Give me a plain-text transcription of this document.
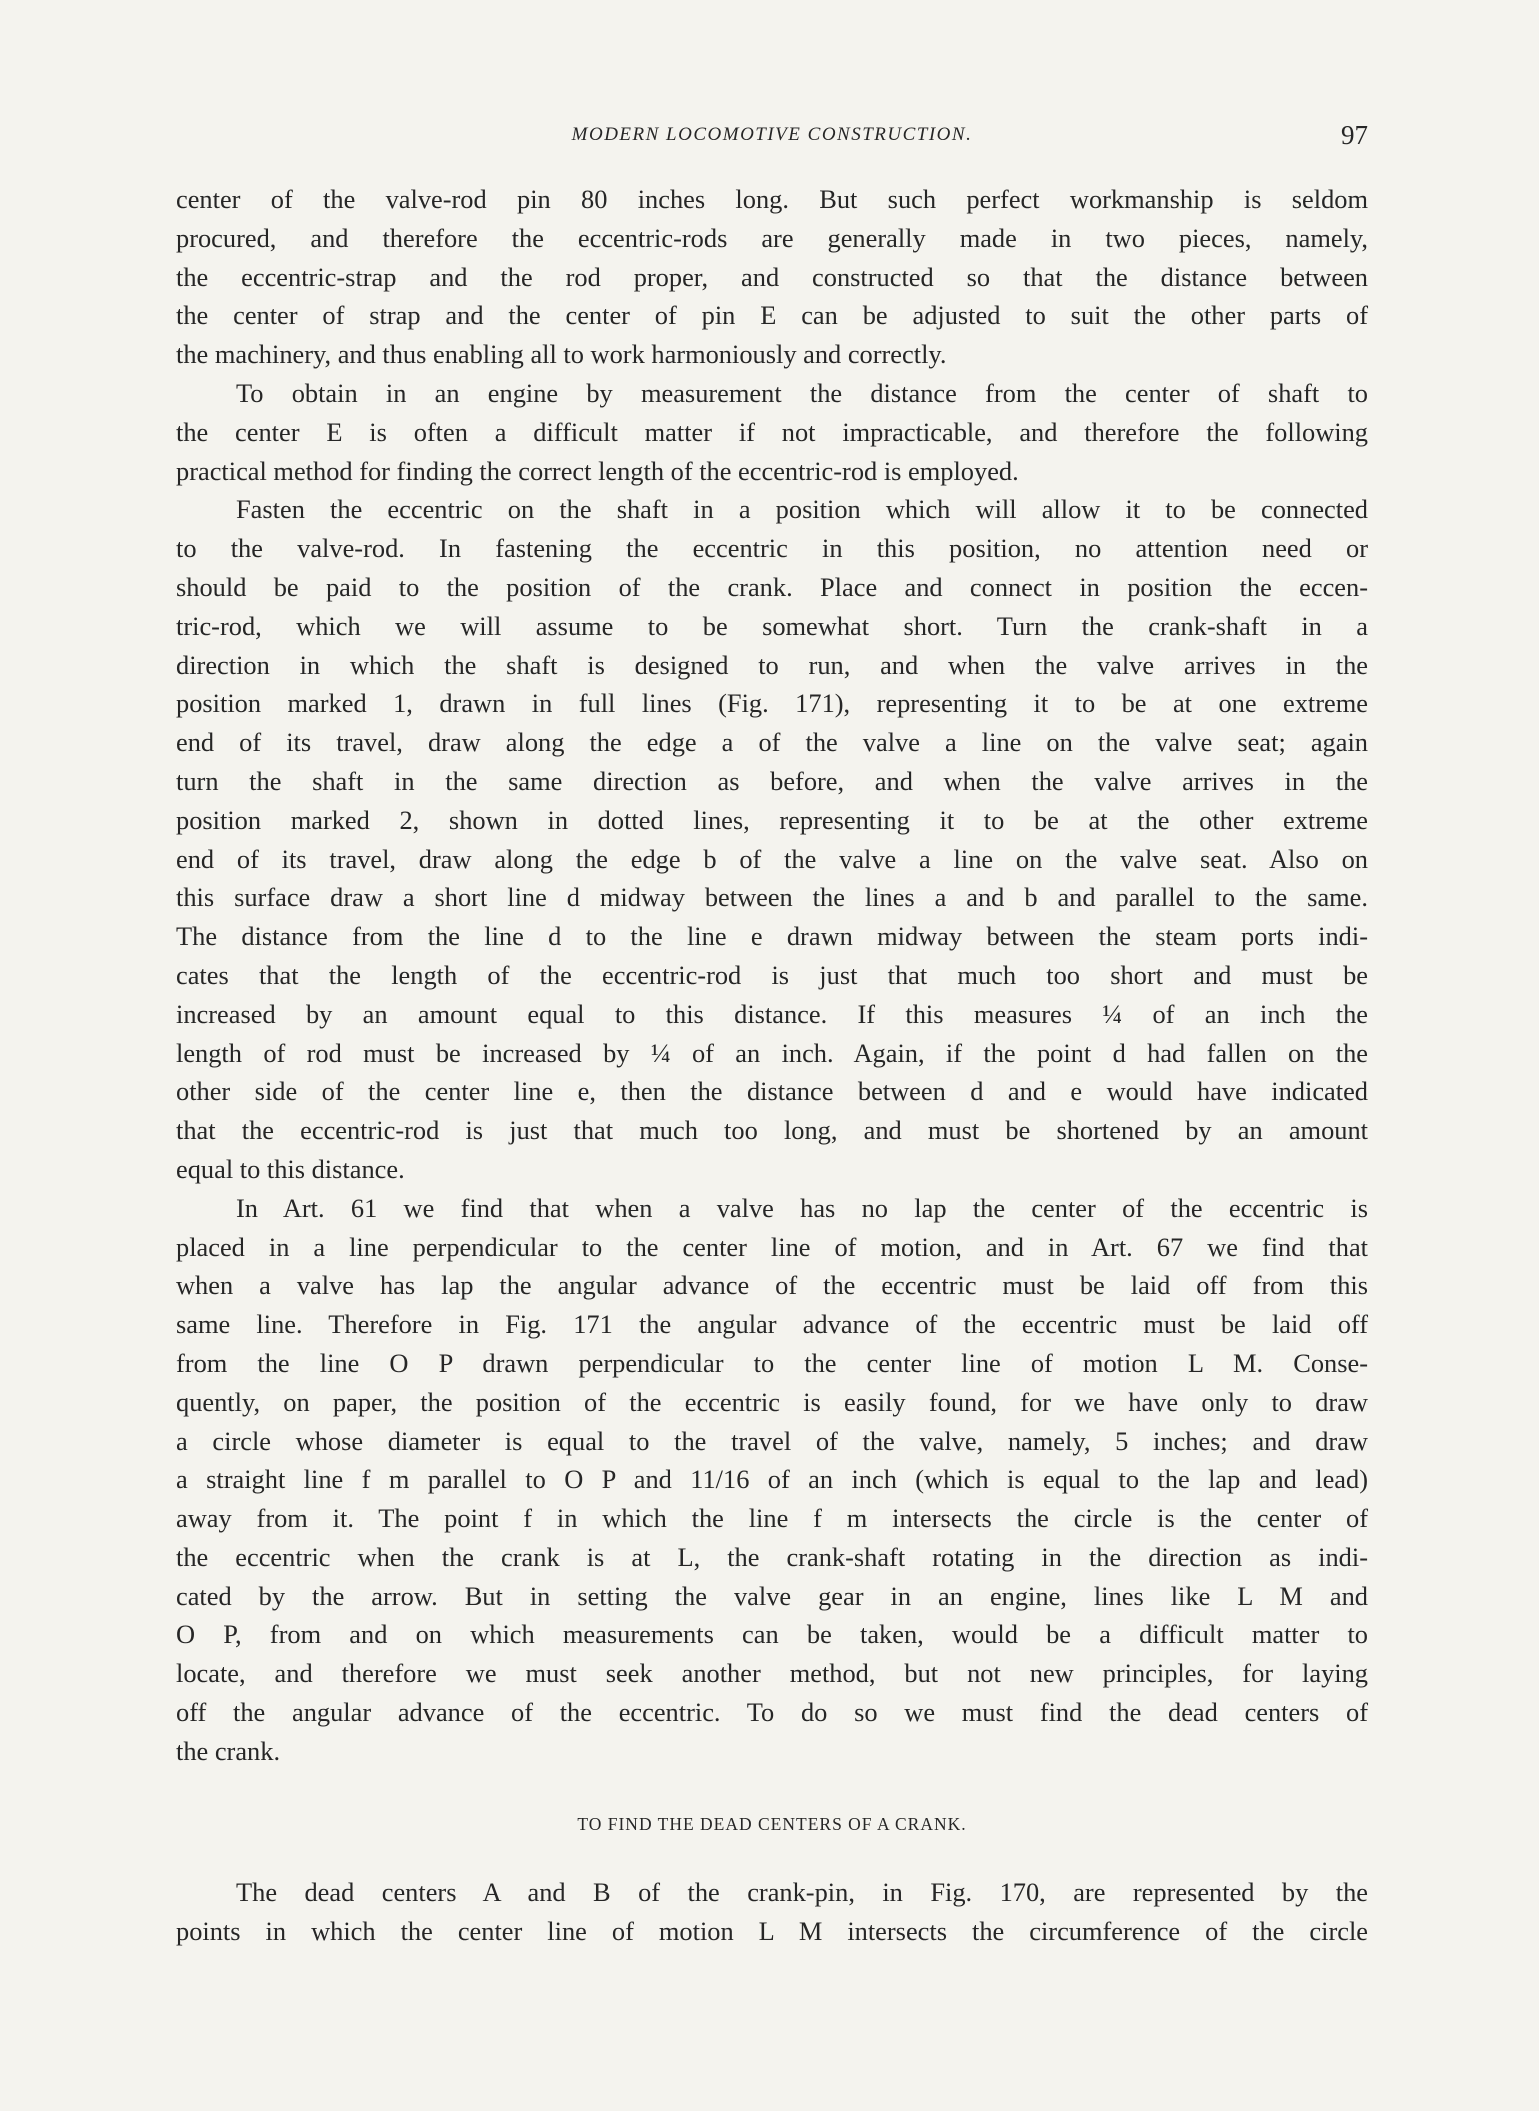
MODERN LOCOMOTIVE CONSTRUCTION.	97
center of the valve-rod pin 80 inches long. But such perfect workmanship is seldom
procured, and therefore the eccentric-rods are generally made in two pieces, namely,
the eccentric-strap and the rod proper, and constructed so that the distance between
the center of strap and the center of pin E can be adjusted to suit the other parts of
the machinery, and thus enabling all to work harmoniously and correctly.
To obtain in an engine by measurement the distance from the center of shaft to
the center E is often a difficult matter if not impracticable, and therefore the following
practical method for finding the correct length of the eccentric-rod is employed.
Fasten the eccentric on the shaft in a position which will allow it to be connected
to the valve-rod. In fastening the eccentric in this position, no attention need or
should be paid to the position of the crank. Place and connect in position the eccen-
tric-rod, which we will assume to be somewhat short. Turn the crank-shaft in a
direction in which the shaft is designed to run, and when the valve arrives in the
position marked 1, drawn in full lines (Fig. 171), representing it to be at one extreme
end of its travel, draw along the edge a of the valve a line on the valve seat; again
turn the shaft in the same direction as before, and when the valve arrives in the
position marked 2, shown in dotted lines, representing it to be at the other extreme
end of its travel, draw along the edge b of the valve a line on the valve seat. Also on
this surface draw a short line d midway between the lines a and b and parallel to the same.
The distance from the line d to the line e drawn midway between the steam ports indi-
cates that the length of the eccentric-rod is just that much too short and must be
increased by an amount equal to this distance. If this measures ¼ of an inch the
length of rod must be increased by ¼ of an inch. Again, if the point d had fallen on the
other side of the center line e, then the distance between d and e would have indicated
that the eccentric-rod is just that much too long, and must be shortened by an amount
equal to this distance.
In Art. 61 we find that when a valve has no lap the center of the eccentric is
placed in a line perpendicular to the center line of motion, and in Art. 67 we find that
when a valve has lap the angular advance of the eccentric must be laid off from this
same line. Therefore in Fig. 171 the angular advance of the eccentric must be laid off
from the line O P drawn perpendicular to the center line of motion L M. Conse-
quently, on paper, the position of the eccentric is easily found, for we have only to draw
a circle whose diameter is equal to the travel of the valve, namely, 5 inches; and draw
a straight line f m parallel to O P and 11/16 of an inch (which is equal to the lap and lead)
away from it. The point f in which the line f m intersects the circle is the center of
the eccentric when the crank is at L, the crank-shaft rotating in the direction as indi-
cated by the arrow. But in setting the valve gear in an engine, lines like L M and
O P, from and on which measurements can be taken, would be a difficult matter to
locate, and therefore we must seek another method, but not new principles, for laying
off the angular advance of the eccentric. To do so we must find the dead centers of
the crank.
TO FIND THE DEAD CENTERS OF A CRANK.
The dead centers A and B of the crank-pin, in Fig. 170, are represented by the
points in which the center line of motion L M intersects the circumference of the circle
